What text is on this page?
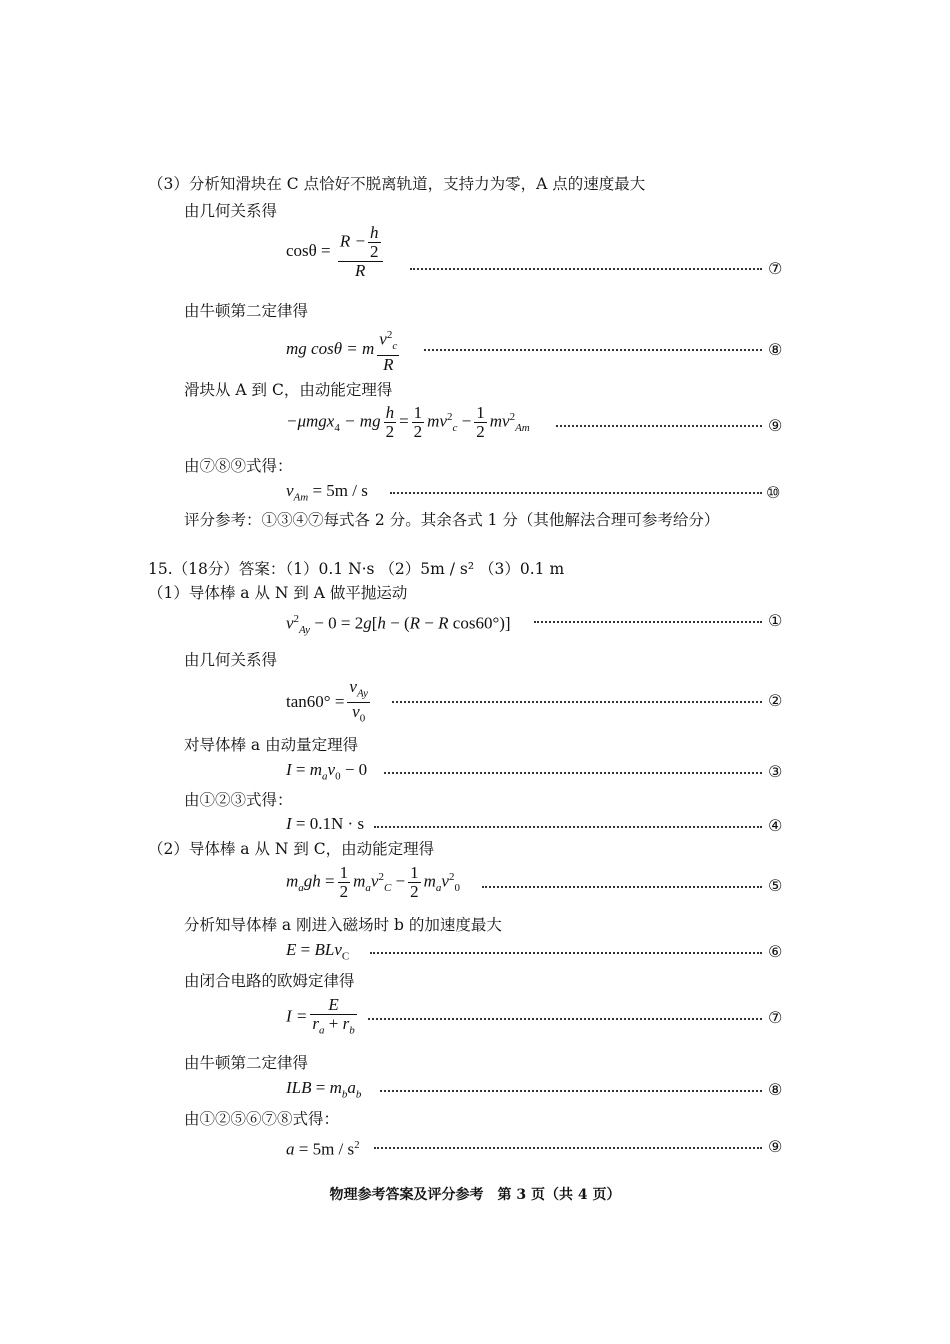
（3）分析知滑块在 C 点恰好不脱离轨道，支持力为零，A 点的速度最大
由几何关系得
$\cos\theta = \frac{R - \frac{h}{2}}{R}$	⑦
由牛顿第二定律得
mg cosθ = m $\frac{v^2_c}{R}$	⑧
滑块从 A 到 C，由动能定理得
−μmgx$_4$ − mg $\frac{h}{2} = \frac{1}{2} mv^2_c - \frac{1}{2} mv^2_{Am}$	⑨
由⑦⑧⑨式得：
$v_{Am} = 5m / s$	⑩
评分参考：①③④⑦每式各 2 分。其余各式 1 分（其他解法合理可参考给分）
15.（18分）答案：（1）0.1 N·s （2）5m / s² （3）0.1 m
（1）导体棒 a 从 N 到 A 做平抛运动
$v^2_{Ay} - 0 = 2g[h - (R - R$ cos60°)]	①
由几何关系得
$\tan 60^\circ = \frac{v_{Ay}}{v_0}$	②
对导体棒 a 由动量定理得
$I = m_av_0 - 0$	③
由①②③式得：
I = 0.1N · s	④
（2）导体棒 a 从 N 到 C，由动能定理得
$m_agh = \frac{1}{2} m_av^2_C - \frac{1}{2} m_av^2_0$	⑤
分析知导体棒 a 刚进入磁场时 b 的加速度最大
E = BLv$_C$	⑥
由闭合电路的欧姆定律得
$I = \frac{E}{r_a + r_b}$	⑦
由牛顿第二定律得
ILB = $m_ba_b$	⑧
由①②⑤⑥⑦⑧式得：
$a = 5m / s^2$	⑨
物理参考答案及评分参考　第 3 页（共 4 页）
